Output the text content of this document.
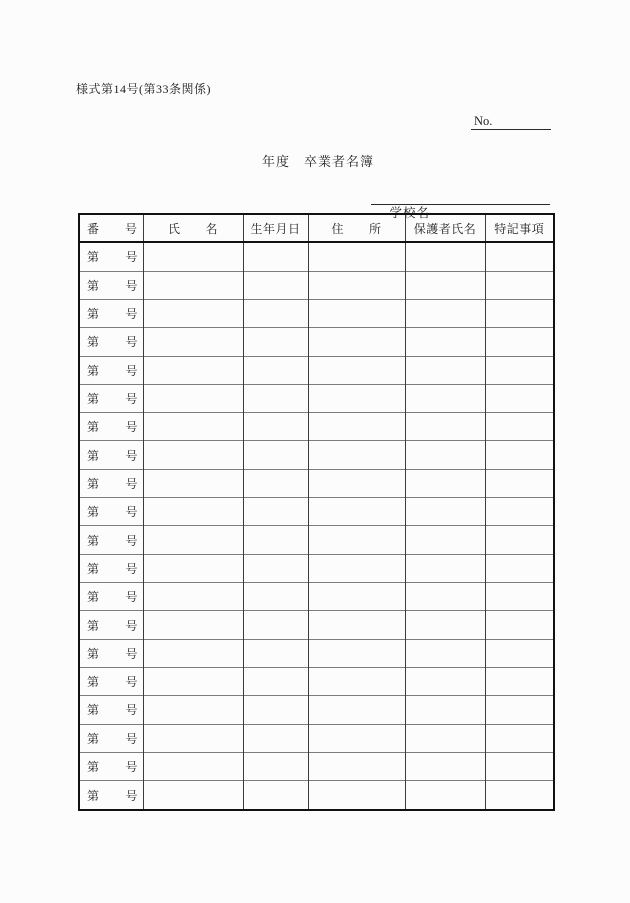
様式第14号(第33条関係)
No.
年度　卒業者名簿

学校名

番　号	氏　　名	生年月日	住　　所	保護者氏名	特記事項
第　号					
第　号					
第　号					
第　号					
第　号					
第　号					
第　号					
第　号					
第　号					
第　号					
第　号					
第　号					
第　号					
第　号					
第　号					
第　号					
第　号					
第　号					
第　号					
第　号					
